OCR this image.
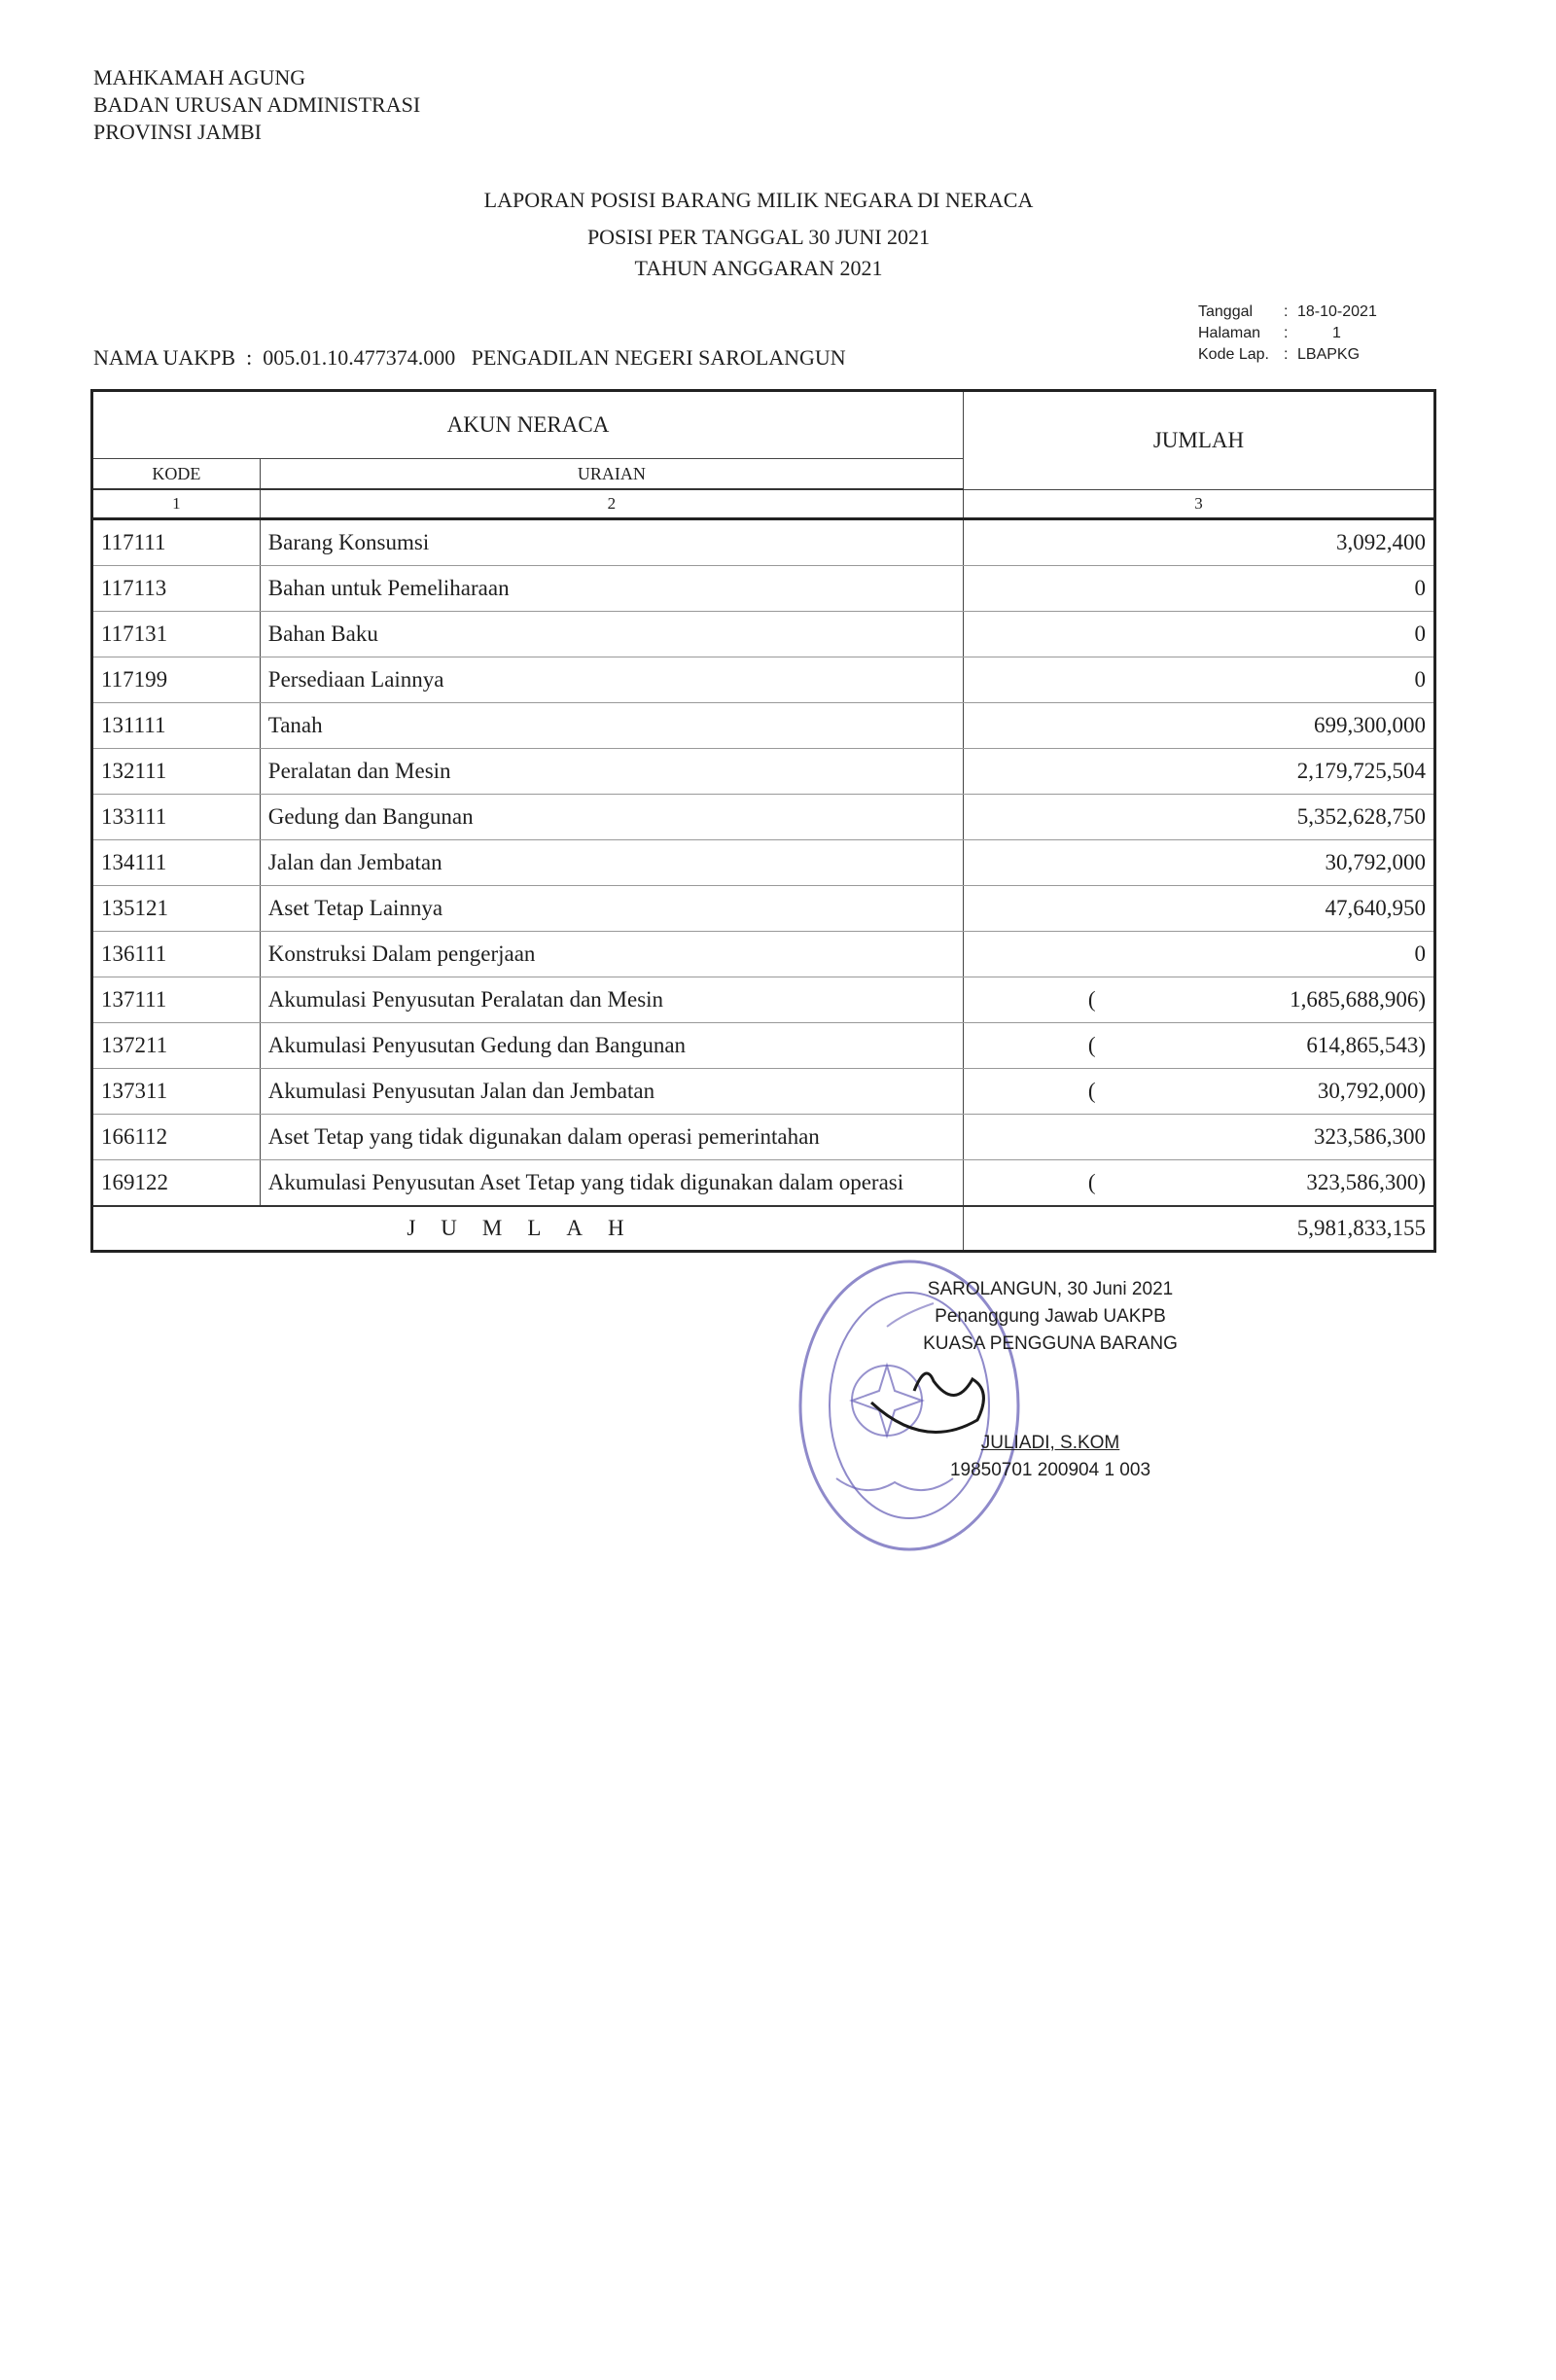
MAHKAMAH AGUNG
BADAN URUSAN ADMINISTRASI
PROVINSI JAMBI
LAPORAN POSISI BARANG MILIK NEGARA DI NERACA
POSISI PER TANGGAL 30 JUNI 2021
TAHUN ANGGARAN 2021
Tanggal	: 18-10-2021
Halaman	:	1
Kode Lap. : LBAPKG
NAMA UAKPB  :  005.01.10.477374.000   PENGADILAN NEGERI SAROLANGUN
AKUN NERACA		JUMLAH
KODE	URAIAN	
1	2	3
117111	Barang Konsumsi	3,092,400
117113	Bahan untuk Pemeliharaan	0
117131	Bahan Baku	0
117199	Persediaan Lainnya	0
131111	Tanah	699,300,000
132111	Peralatan dan Mesin	2,179,725,504
133111	Gedung dan Bangunan	5,352,628,750
134111	Jalan dan Jembatan	30,792,000
135121	Aset Tetap Lainnya	47,640,950
136111	Konstruksi Dalam pengerjaan	0
137111	Akumulasi Penyusutan Peralatan dan Mesin	( 1,685,688,906)
137211	Akumulasi Penyusutan Gedung dan Bangunan	( 614,865,543)
137311	Akumulasi Penyusutan Jalan dan Jembatan	( 30,792,000)
166112	Aset Tetap yang tidak digunakan dalam operasi pemerintahan	323,586,300
169122	Akumulasi Penyusutan Aset Tetap yang tidak digunakan dalam operasi	( 323,586,300)
JUMLAH		5,981,833,155
SAROLANGUN, 30 Juni 2021
Penanggung Jawab UAKPB
KUASA PENGGUNA BARANG
JULIADI, S.KOM
19850701 200904 1 003
